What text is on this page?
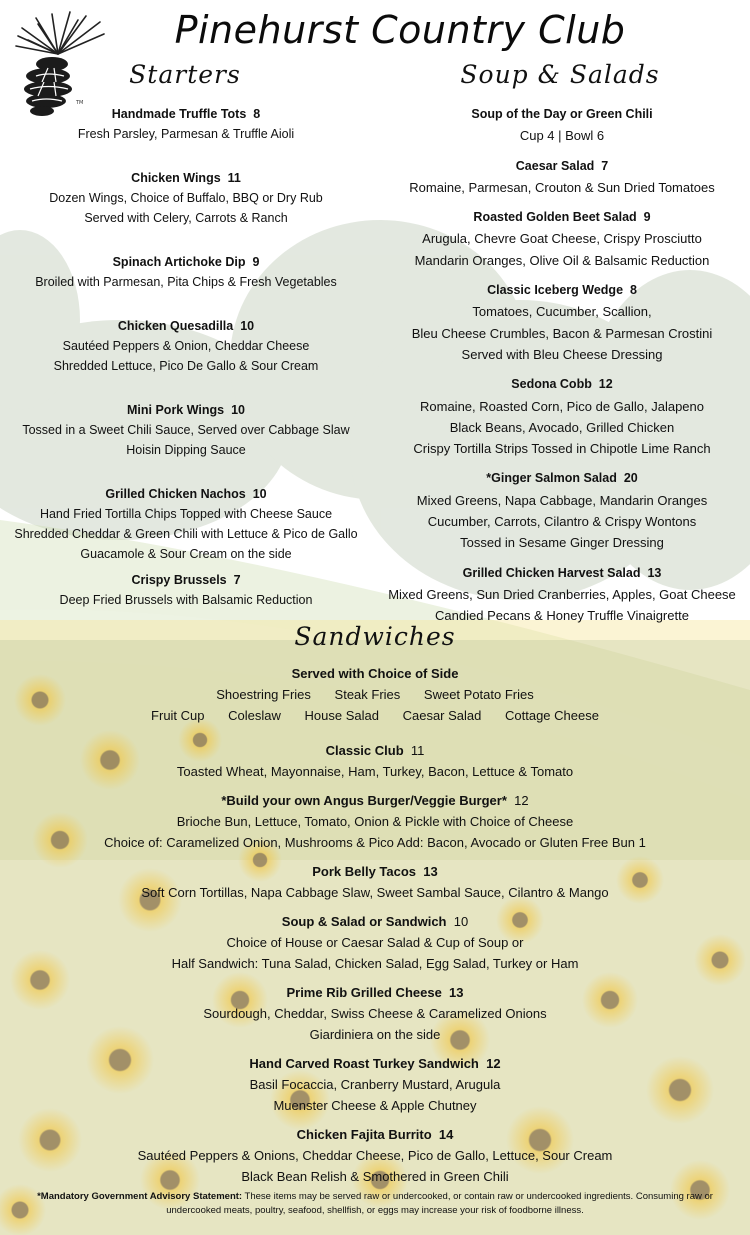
TM
Pinehurst Country Club
Starters	Soup & Salads
Handmade Truffle Tots 8
Fresh Parsley, Parmesan & Truffle Aioli
Chicken Wings 11
Dozen Wings, Choice of Buffalo, BBQ or Dry Rub
Served with Celery, Carrots & Ranch
Spinach Artichoke Dip 9
Broiled with Parmesan, Pita Chips & Fresh Vegetables
Chicken Quesadilla 10
Sautéed Peppers & Onion, Cheddar Cheese
Shredded Lettuce, Pico De Gallo & Sour Cream
Mini Pork Wings 10
Tossed in a Sweet Chili Sauce, Served over Cabbage Slaw
Hoisin Dipping Sauce
Grilled Chicken Nachos 10
Hand Fried Tortilla Chips Topped with Cheese Sauce
Shredded Cheddar & Green Chili with Lettuce & Pico de Gallo
Guacamole & Sour Cream on the side
Crispy Brussels 7
Deep Fried Brussels with Balsamic Reduction
Soup of the Day or Green Chili
Cup 4 | Bowl 6
Caesar Salad 7
Romaine, Parmesan, Crouton & Sun Dried Tomatoes
Roasted Golden Beet Salad 9
Arugula, Chevre Goat Cheese, Crispy Prosciutto
Mandarin Oranges, Olive Oil & Balsamic Reduction
Classic Iceberg Wedge 8
Tomatoes, Cucumber, Scallion,
Bleu Cheese Crumbles, Bacon & Parmesan Crostini
Served with Bleu Cheese Dressing
Sedona Cobb 12
Romaine, Roasted Corn, Pico de Gallo, Jalapeno
Black Beans, Avocado, Grilled Chicken
Crispy Tortilla Strips Tossed in Chipotle Lime Ranch
*Ginger Salmon Salad 20
Mixed Greens, Napa Cabbage, Mandarin Oranges
Cucumber, Carrots, Cilantro & Crispy Wontons
Tossed in Sesame Ginger Dressing
Grilled Chicken Harvest Salad 13
Mixed Greens, Sun Dried Cranberries, Apples, Goat Cheese
Candied Pecans & Honey Truffle Vinaigrette
Sandwiches
Served with Choice of Side
Shoestring Fries Steak Fries Sweet Potato Fries
Fruit Cup Coleslaw House Salad Caesar Salad Cottage Cheese
Classic Club 11
Toasted Wheat, Mayonnaise, Ham, Turkey, Bacon, Lettuce & Tomato
*Build your own Angus Burger/Veggie Burger* 12
Brioche Bun, Lettuce, Tomato, Onion & Pickle with Choice of Cheese
Choice of: Caramelized Onion, Mushrooms & Pico Add: Bacon, Avocado or Gluten Free Bun 1
Pork Belly Tacos 13
Soft Corn Tortillas, Napa Cabbage Slaw, Sweet Sambal Sauce, Cilantro & Mango
Soup & Salad or Sandwich 10
Choice of House or Caesar Salad & Cup of Soup or
Half Sandwich: Tuna Salad, Chicken Salad, Egg Salad, Turkey or Ham
Prime Rib Grilled Cheese 13
Sourdough, Cheddar, Swiss Cheese & Caramelized Onions
Giardiniera on the side
Hand Carved Roast Turkey Sandwich 12
Basil Focaccia, Cranberry Mustard, Arugula
Muenster Cheese & Apple Chutney
Chicken Fajita Burrito 14
Sautéed Peppers & Onions, Cheddar Cheese, Pico de Gallo, Lettuce, Sour Cream
Black Bean Relish & Smothered in Green Chili
*Mandatory Government Advisory Statement: These items may be served raw or undercooked, or contain raw or undercooked ingredients. Consuming raw or undercooked meats, poultry, seafood, shellfish, or eggs may increase your risk of foodborne illness.
